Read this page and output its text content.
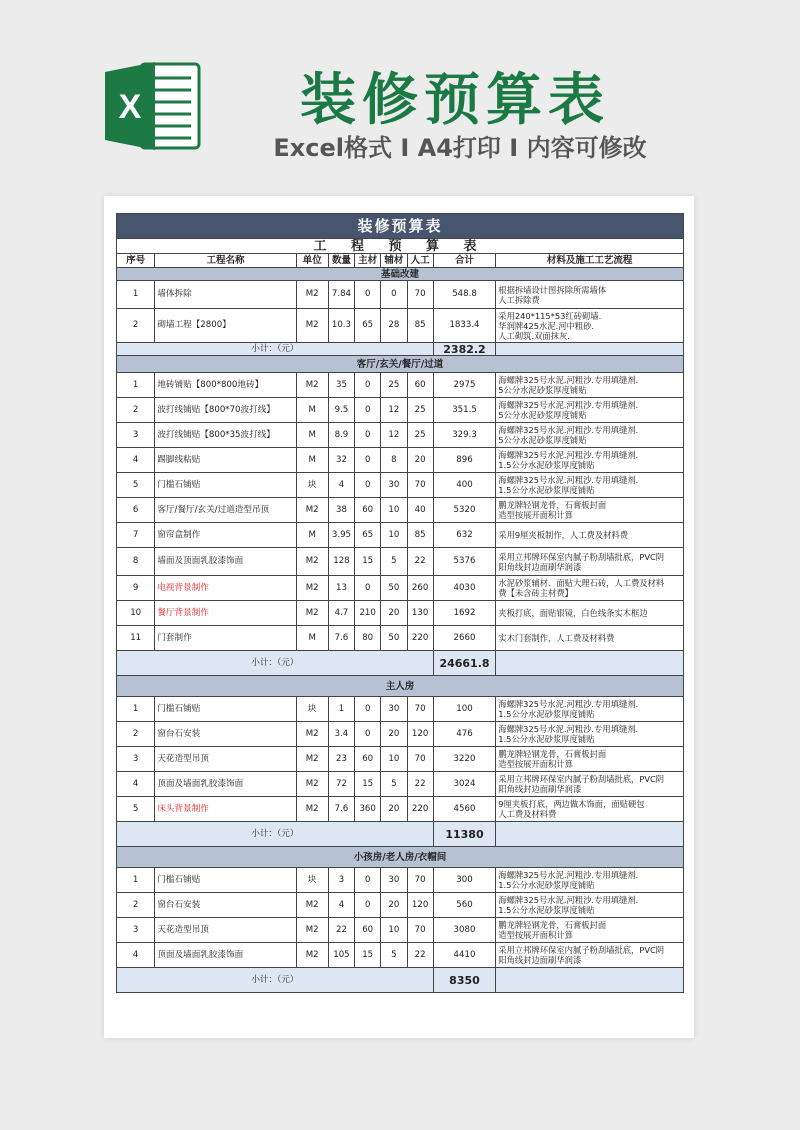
X	装修预算表
Excel格式 I A4打印 I 内容可修改
装修预算表								
工 程 预 算 表								
序号	工程名称	单位	数量	主材	辅材	人工	合计	材料及施工工艺流程
基础改建								
1	墙体拆除	M2	7.84	0	0	70	548.8	根据拆墙设计图拆除所需墙体
人工拆除费
2	砌墙工程【2800】	M2	10.3	65	28	85	1833.4	采用240*115*53红砖砌墙.
华润牌425水泥.河中粗砂.
人工砌筑.双面抹灰.
小计：（元）							2382.2	
客厅/玄关/餐厅/过道								
1	地砖铺贴【800*800地砖】	M2	35	0	25	60	2975	海螺牌325号水泥.河粗沙.专用填缝剂.
5公分水泥砂浆厚度铺贴
2	波打线铺贴【800*70波打线】	M	9.5	0	12	25	351.5	海螺牌325号水泥.河粗沙.专用填缝剂.
5公分水泥砂浆厚度铺贴
3	波打线铺贴【800*35波打线】	M	8.9	0	12	25	329.3	海螺牌325号水泥.河粗沙.专用填缝剂.
5公分水泥砂浆厚度铺贴
4	踢脚线粘贴	M	32	0	8	20	896	海螺牌325号水泥.河粗沙.专用填缝剂.
1.5公分水泥砂浆厚度铺贴
5	门槛石铺贴	块	4	0	30	70	400	海螺牌325号水泥.河粗沙.专用填缝剂.
1.5公分水泥砂浆厚度铺贴
6	客厅/餐厅/玄关/过道造型吊顶	M2	38	60	10	40	5320	鹏龙牌轻钢龙骨，石膏板封面
造型按展开面积计算
7	窗帘盒制作	M	3.95	65	10	85	632	采用9厘夹板制作，人工费及材料费
8	墙面及顶面乳胶漆饰面	M2	128	15	5	22	5376	采用立邦牌环保室内腻子粉刮墙批底，PVC阴
阳角线封边面刷华润漆
9	电视背景制作	M2	13	0	50	260	4030	水泥砂浆辅材、面贴大理石砖，人工费及材料
费【未含砖主材费】
10	餐厅背景制作	M2	4.7	210	20	130	1692	夹板打底，面贴银镜，白色线条实木框边
11	门套制作	M	7.6	80	50	220	2660	实木门套制作，人工费及材料费
小计：（元）							24661.8	
主人房								
1	门槛石铺贴	块	1	0	30	70	100	海螺牌325号水泥.河粗沙.专用填缝剂.
1.5公分水泥砂浆厚度铺贴
2	窗台石安装	M2	3.4	0	20	120	476	海螺牌325号水泥.河粗沙.专用填缝剂.
1.5公分水泥砂浆厚度铺贴
3	天花造型吊顶	M2	23	60	10	70	3220	鹏龙牌轻钢龙骨，石膏板封面
造型按展开面积计算
4	顶面及墙面乳胶漆饰面	M2	72	15	5	22	3024	采用立邦牌环保室内腻子粉刮墙批底，PVC阴
阳角线封边面刷华润漆
5	床头背景制作	M2	7.6	360	20	220	4560	9厘夹板打底，两边做木饰面，面贴硬包
人工费及材料费
小计：（元）							11380	
小孩房/老人房/衣帽间								
1	门槛石铺贴	块	3	0	30	70	300	海螺牌325号水泥.河粗沙.专用填缝剂.
1.5公分水泥砂浆厚度铺贴
2	窗台石安装	M2	4	0	20	120	560	海螺牌325号水泥.河粗沙.专用填缝剂.
1.5公分水泥砂浆厚度铺贴
3	天花造型吊顶	M2	22	60	10	70	3080	鹏龙牌轻钢龙骨，石膏板封面
造型按展开面积计算
4	顶面及墙面乳胶漆饰面	M2	105	15	5	22	4410	采用立邦牌环保室内腻子粉刮墙批底，PVC阴
阳角线封边面刷华润漆
小计：（元）							8350	
